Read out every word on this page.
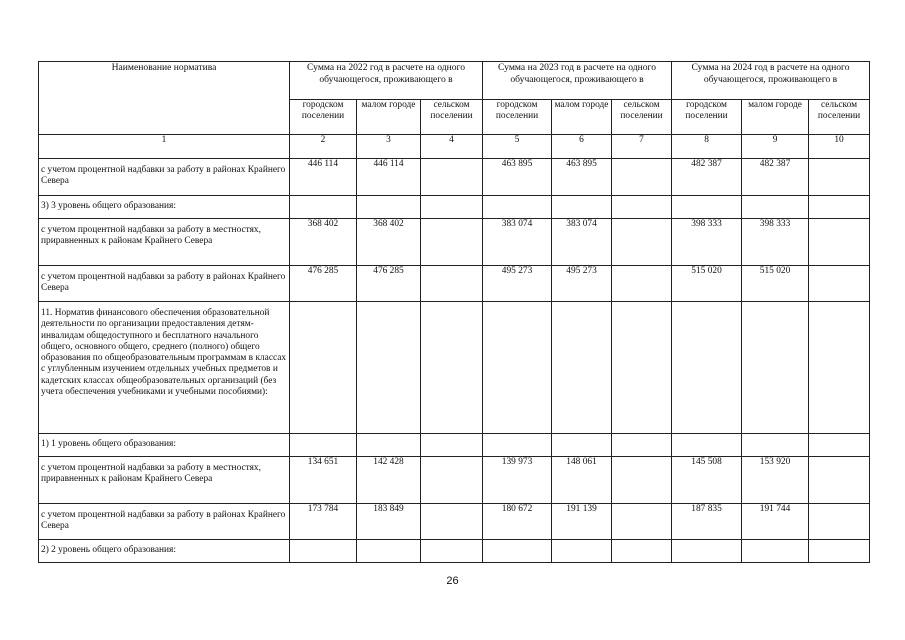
Наименование норматива	Сумма на 2022 год в расчете на одного обучающегося, проживающего в			Сумма на 2023 год в расчете на одного обучающегося, проживающего в			Сумма на 2024 год в расчете на одного обучающегося, проживающего в		
	городском поселении	малом городе	сельском поселении	городском поселении	малом городе	сельском поселении	городском поселении	малом городе	сельском поселении
1	2	3	4	5	6	7	8	9	10
с учетом процентной надбавки за работу в районах Крайнего Севера	446 114	446 114		463 895	463 895		482 387	482 387	
3) 3 уровень общего образования:									
с учетом процентной надбавки за работу в местностях, приравненных к районам Крайнего Севера	368 402	368 402		383 074	383 074		398 333	398 333	
с учетом процентной надбавки за работу в районах Крайнего Севера	476 285	476 285		495 273	495 273		515 020	515 020	
11. Норматив финансового обеспечения образовательной деятельности по организации предоставления детям-инвалидам общедоступного и бесплатного начального общего, основного общего, среднего (полного) общего образования по общеобразовательным программам в классах с углубленным изучением отдельных учебных предметов и кадетских классах общеобразовательных организаций (без учета обеспечения учебниками и учебными пособиями):									
1) 1 уровень общего образования:									
с учетом процентной надбавки за работу в местностях, приравненных к районам Крайнего Севера	134 651	142 428		139 973	148 061		145 508	153 920	
с учетом процентной надбавки за работу в районах Крайнего Севера	173 784	183 849		180 672	191 139		187 835	191 744	
2) 2 уровень общего образования:									
26
